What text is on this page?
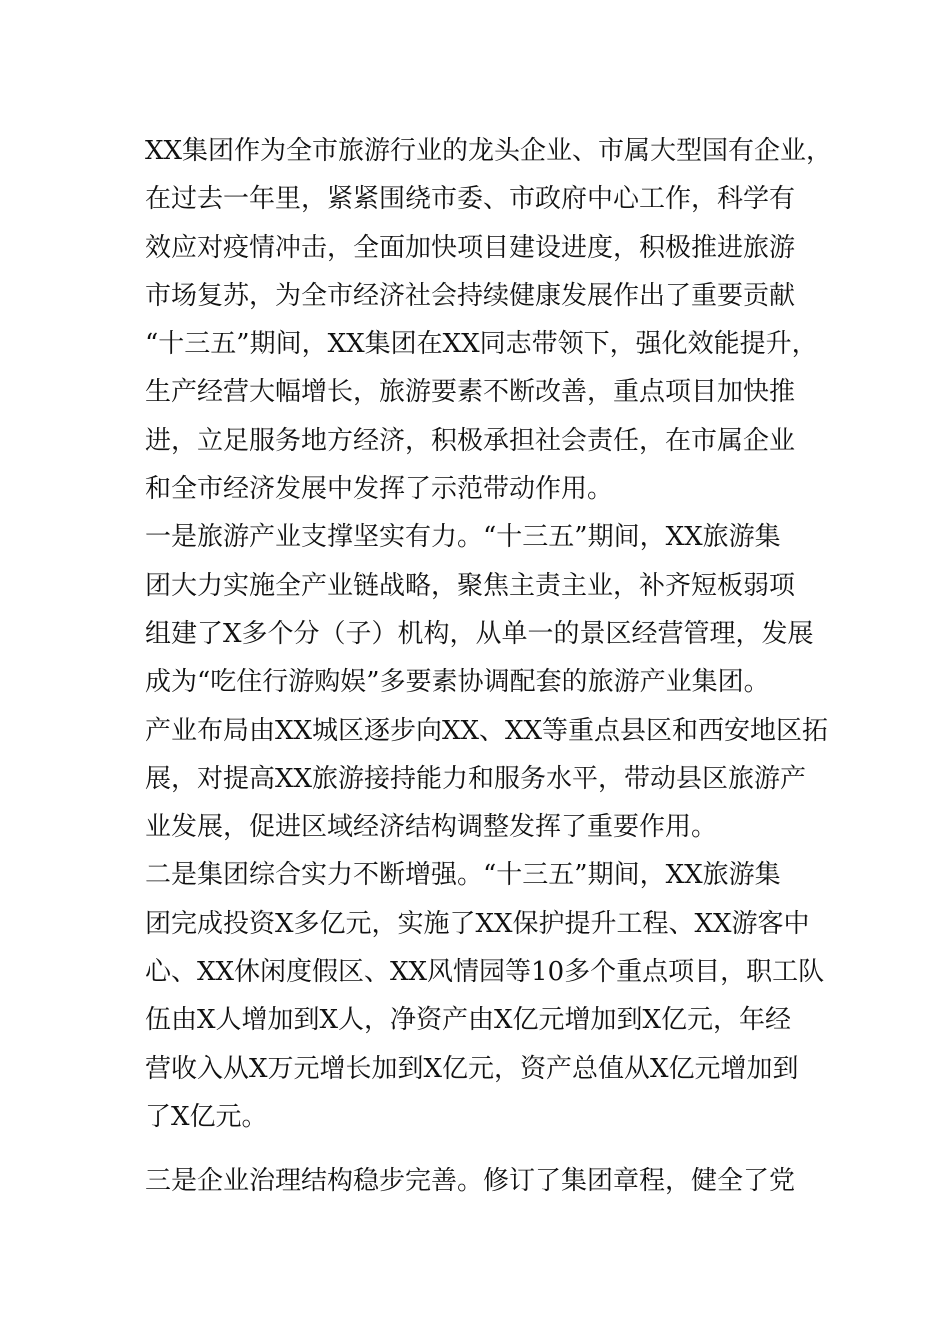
XX集团作为全市旅游行业的龙头企业、市属大型国有企业，
在过去一年里，紧紧围绕市委、市政府中心工作，科学有
效应对疫情冲击，全面加快项目建设进度，积极推进旅游
市场复苏，为全市经济社会持续健康发展作出了重要贡献
“十三五”期间，XX集团在XX同志带领下，强化效能提升，
生产经营大幅增长，旅游要素不断改善，重点项目加快推
进，立足服务地方经济，积极承担社会责任，在市属企业
和全市经济发展中发挥了示范带动作用。
一是旅游产业支撑坚实有力。“十三五”期间，XX旅游集
团大力实施全产业链战略，聚焦主责主业，补齐短板弱项
组建了X多个分（子）机构，从单一的景区经营管理，发展
成为“吃住行游购娱”多要素协调配套的旅游产业集团。
产业布局由XX城区逐步向XX、XX等重点县区和西安地区拓
展，对提高XX旅游接持能力和服务水平，带动县区旅游产
业发展，促进区域经济结构调整发挥了重要作用。
二是集团综合实力不断增强。“十三五”期间，XX旅游集
团完成投资X多亿元，实施了XX保护提升工程、XX游客中
心、XX休闲度假区、XX风情园等10多个重点项目，职工队
伍由X人增加到X人，净资产由X亿元增加到X亿元，年经
营收入从X万元增长加到X亿元，资产总值从X亿元增加到
了X亿元。
三是企业治理结构稳步完善。修订了集团章程，健全了党
